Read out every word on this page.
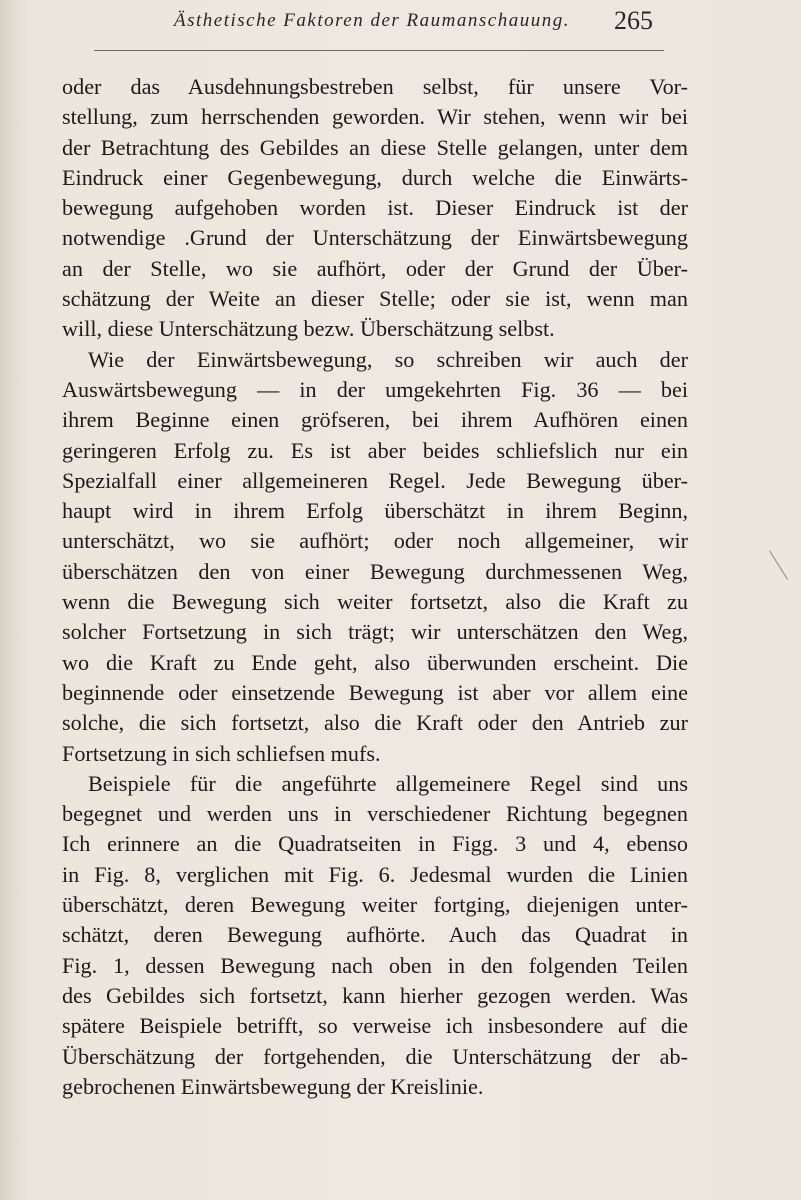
Ästhetische Faktoren der Raumanschauung. 265
oder das Ausdehnungsbestreben selbst, für unsere Vor-
stellung, zum herrschenden geworden. Wir stehen, wenn wir bei
der Betrachtung des Gebildes an diese Stelle gelangen, unter dem
Eindruck einer Gegenbewegung, durch welche die Einwärts-
bewegung aufgehoben worden ist. Dieser Eindruck ist der
notwendige .Grund der Unterschätzung der Einwärtsbewegung
an der Stelle, wo sie aufhört, oder der Grund der Über-
schätzung der Weite an dieser Stelle; oder sie ist, wenn man
will, diese Unterschätzung bezw. Überschätzung selbst.
Wie der Einwärtsbewegung, so schreiben wir auch der
Auswärtsbewegung — in der umgekehrten Fig. 36 — bei
ihrem Beginne einen gröfseren, bei ihrem Aufhören einen
geringeren Erfolg zu. Es ist aber beides schliefslich nur ein
Spezialfall einer allgemeineren Regel. Jede Bewegung über-
haupt wird in ihrem Erfolg überschätzt in ihrem Beginn,
unterschätzt, wo sie aufhört; oder noch allgemeiner, wir
überschätzen den von einer Bewegung durchmessenen Weg,
wenn die Bewegung sich weiter fortsetzt, also die Kraft zu
solcher Fortsetzung in sich trägt; wir unterschätzen den Weg,
wo die Kraft zu Ende geht, also überwunden erscheint. Die
beginnende oder einsetzende Bewegung ist aber vor allem eine
solche, die sich fortsetzt, also die Kraft oder den Antrieb zur
Fortsetzung in sich schliefsen mufs.
Beispiele für die angeführte allgemeinere Regel sind uns
begegnet und werden uns in verschiedener Richtung begegnen
Ich erinnere an die Quadratseiten in Figg. 3 und 4, ebenso
in Fig. 8, verglichen mit Fig. 6. Jedesmal wurden die Linien
überschätzt, deren Bewegung weiter fortging, diejenigen unter-
schätzt, deren Bewegung aufhörte. Auch das Quadrat in
Fig. 1, dessen Bewegung nach oben in den folgenden Teilen
des Gebildes sich fortsetzt, kann hierher gezogen werden. Was
spätere Beispiele betrifft, so verweise ich insbesondere auf die
Überschätzung der fortgehenden, die Unterschätzung der ab-
gebrochenen Einwärtsbewegung der Kreislinie.
